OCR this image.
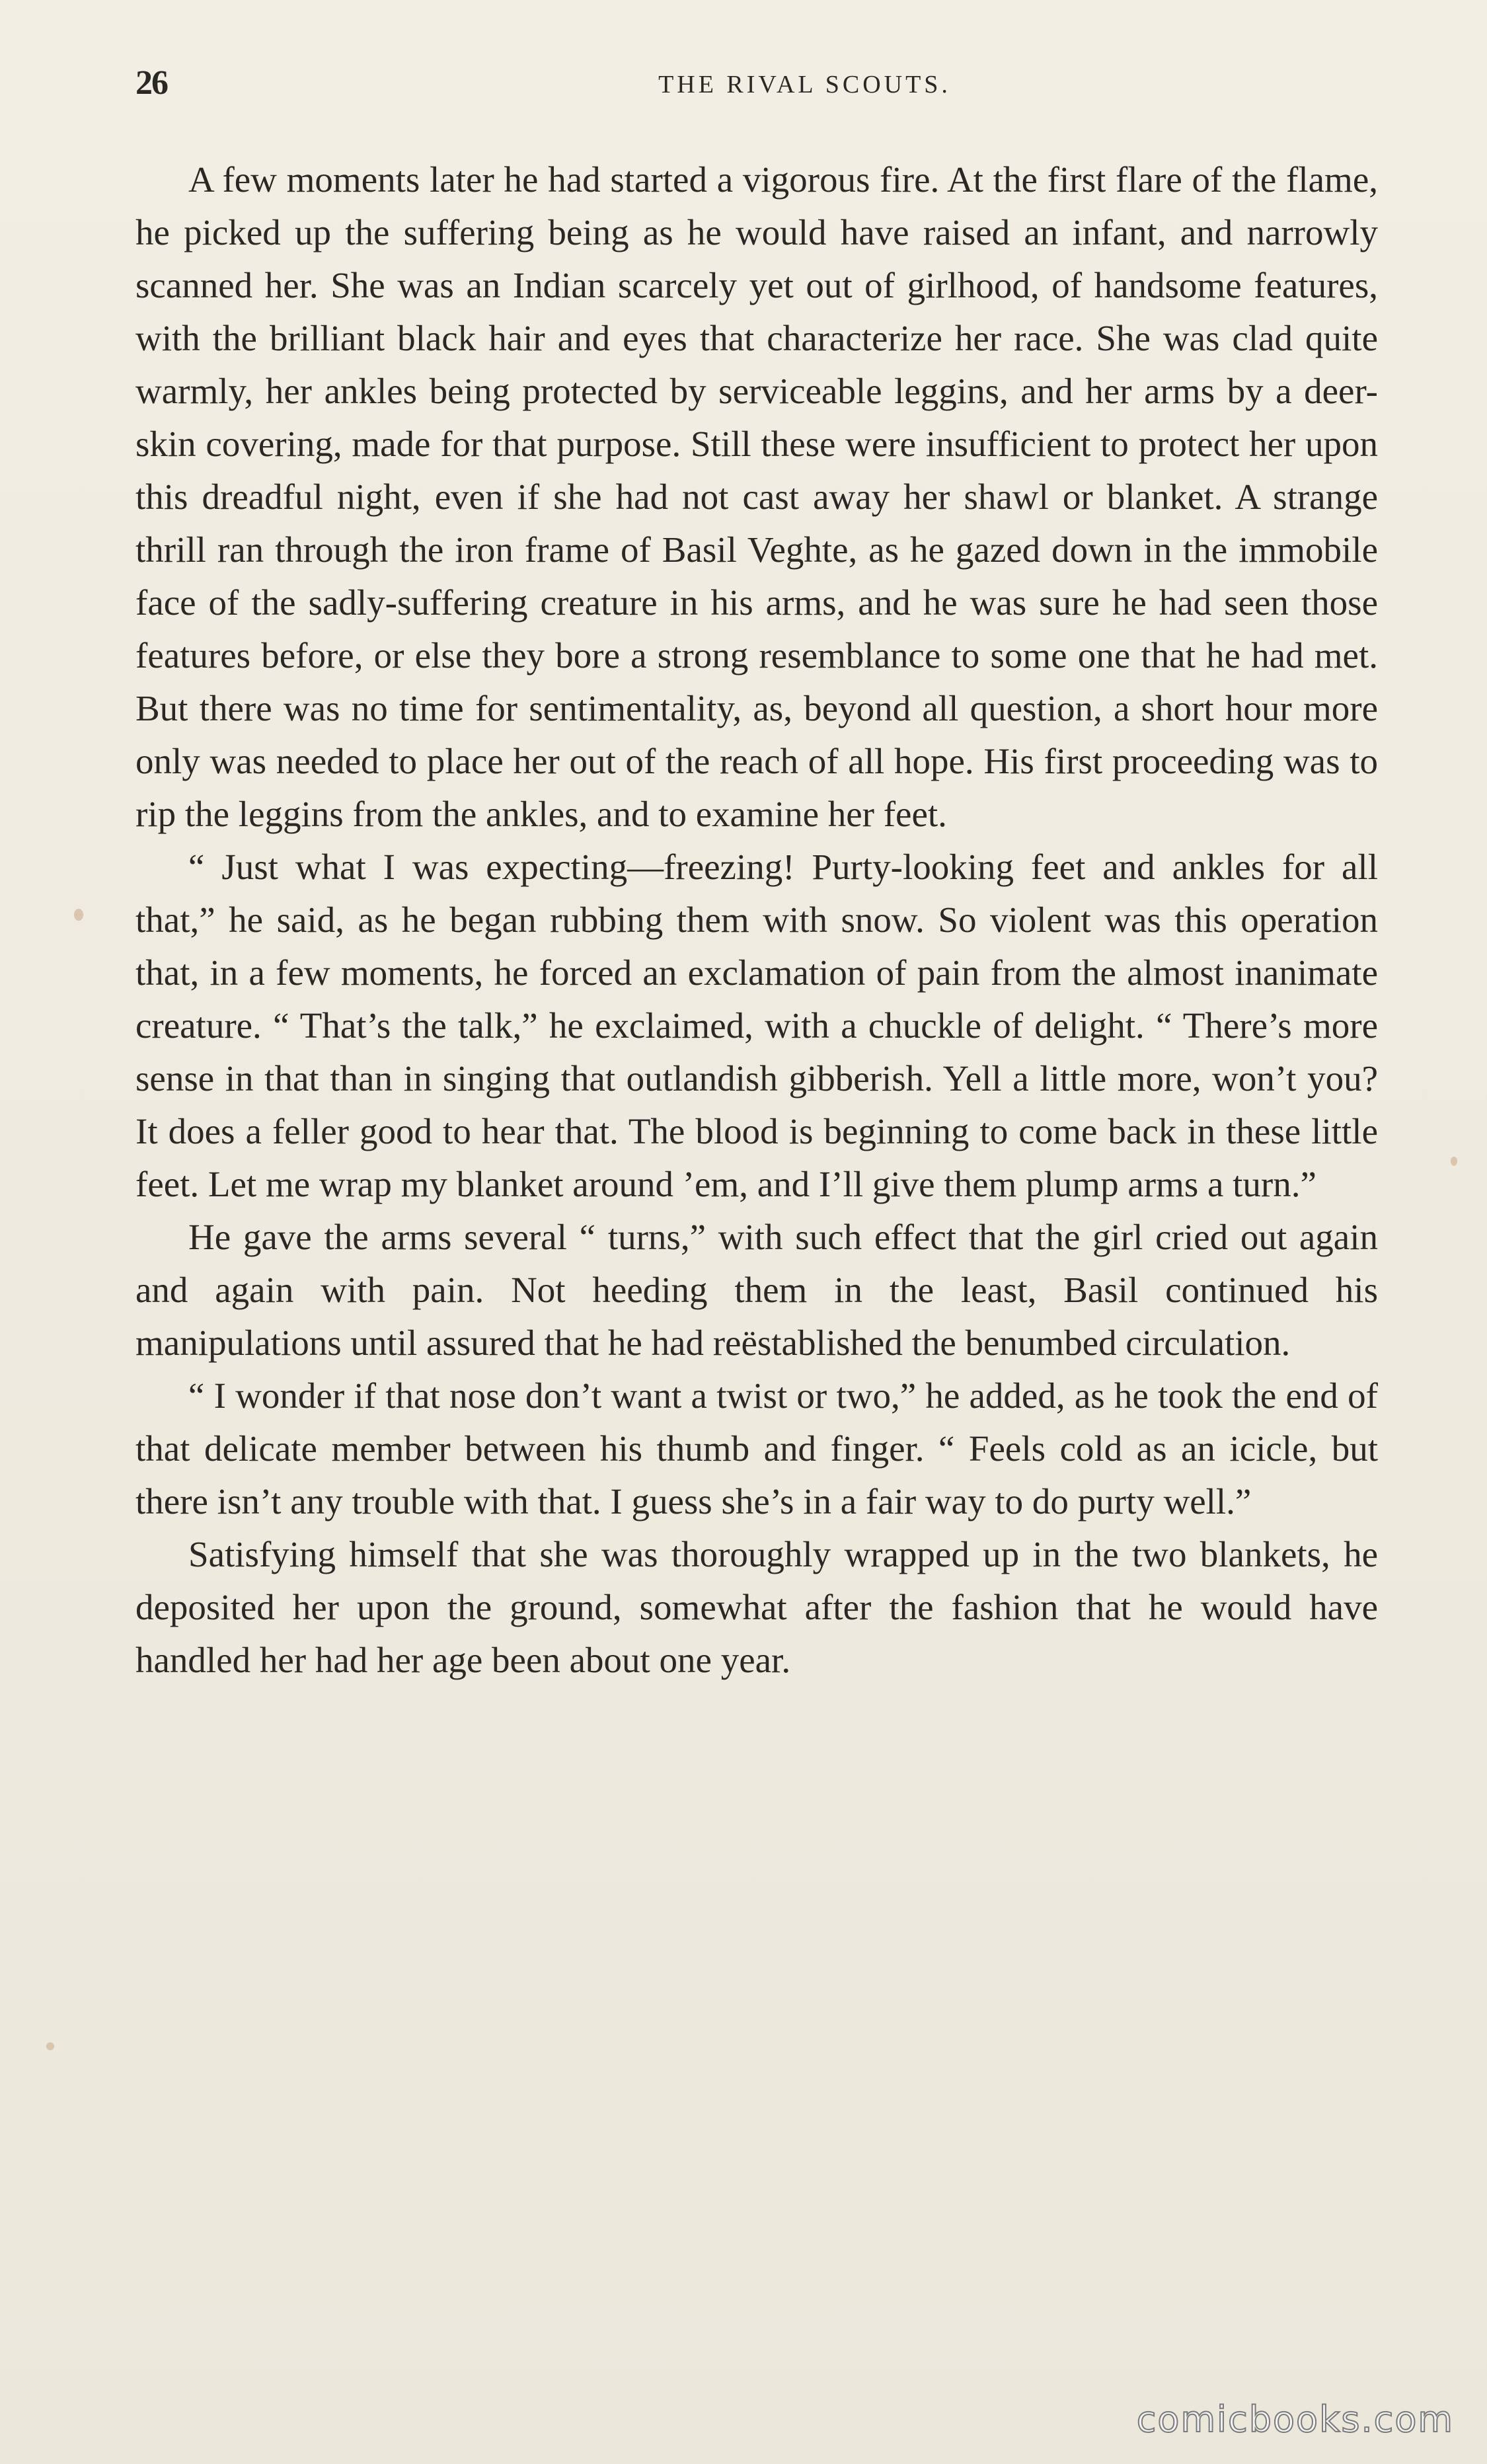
26	THE RIVAL SCOUTS.

A few moments later he had started a vigorous fire. At the first flare of the flame, he picked up the suffering being as he would have raised an infant, and narrowly scanned her. She was an Indian scarcely yet out of girlhood, of handsome features, with the brilliant black hair and eyes that characterize her race. She was clad quite warmly, her ankles being protected by serviceable leggins, and her arms by a deer-skin covering, made for that purpose. Still these were insufficient to protect her upon this dreadful night, even if she had not cast away her shawl or blanket. A strange thrill ran through the iron frame of Basil Veghte, as he gazed down in the immobile face of the sadly-suffering creature in his arms, and he was sure he had seen those features before, or else they bore a strong resemblance to some one that he had met. But there was no time for sentimentality, as, beyond all question, a short hour more only was needed to place her out of the reach of all hope. His first proceeding was to rip the leggins from the ankles, and to examine her feet.

“ Just what I was expecting—freezing! Purty-looking feet and ankles for all that,” he said, as he began rubbing them with snow. So violent was this operation that, in a few moments, he forced an exclamation of pain from the almost inanimate creature. “ That’s the talk,” he exclaimed, with a chuckle of delight. “ There’s more sense in that than in singing that outlandish gibberish. Yell a little more, won’t you? It does a feller good to hear that. The blood is beginning to come back in these little feet. Let me wrap my blanket around ’em, and I’ll give them plump arms a turn.”

He gave the arms several “ turns,” with such effect that the girl cried out again and again with pain. Not heeding them in the least, Basil continued his manipulations until assured that he had reëstablished the benumbed circulation.

“ I wonder if that nose don’t want a twist or two,” he added, as he took the end of that delicate member between his thumb and finger. “ Feels cold as an icicle, but there isn’t any trouble with that. I guess she’s in a fair way to do purty well.”

Satisfying himself that she was thoroughly wrapped up in the two blankets, he deposited her upon the ground, somewhat after the fashion that he would have handled her had her age been about one year.

comicbooks.com
